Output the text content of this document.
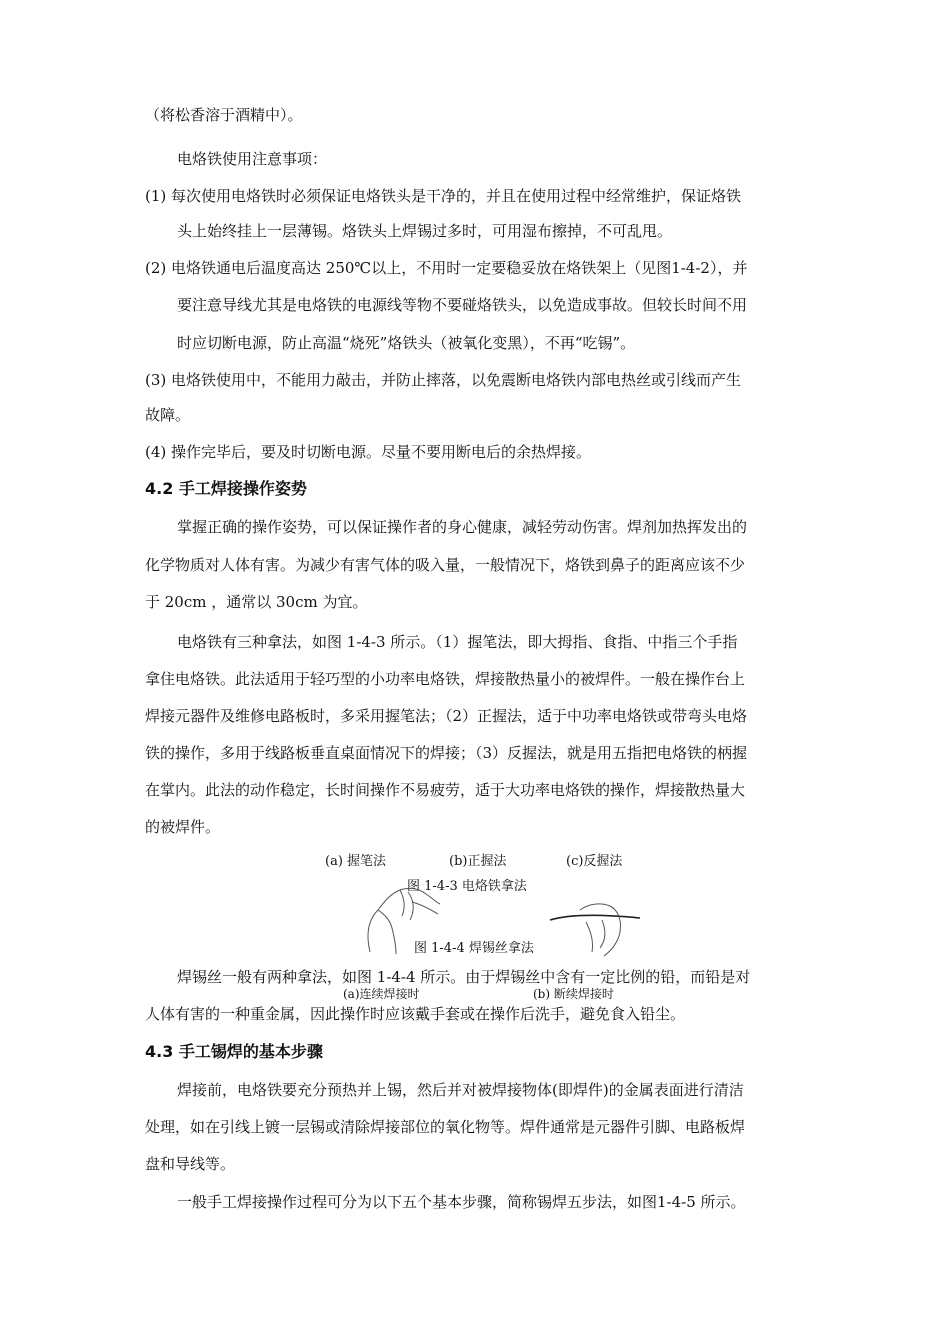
（将松香溶于酒精中）。
电烙铁使用注意事项：
(1) 每次使用电烙铁时必须保证电烙铁头是干净的，并且在使用过程中经常维护，保证烙铁
头上始终挂上一层薄锡。烙铁头上焊锡过多时，可用湿布擦掉，不可乱甩。
(2) 电烙铁通电后温度高达 250℃以上，不用时一定要稳妥放在烙铁架上（见图1-4-2），并
要注意导线尤其是电烙铁的电源线等物不要碰烙铁头，以免造成事故。但较长时间不用
时应切断电源，防止高温“烧死”烙铁头（被氧化变黑），不再“吃锡”。
(3) 电烙铁使用中，不能用力敲击，并防止摔落，以免震断电烙铁内部电热丝或引线而产生
故障。
(4) 操作完毕后，要及时切断电源。尽量不要用断电后的余热焊接。
4.2 手工焊接操作姿势
掌握正确的操作姿势，可以保证操作者的身心健康，减轻劳动伤害。焊剂加热挥发出的
化学物质对人体有害。为减少有害气体的吸入量，一般情况下，烙铁到鼻子的距离应该不少
于 20cm ，通常以 30cm 为宜。
电烙铁有三种拿法，如图 1-4-3 所示。（1）握笔法，即大拇指、食指、中指三个手指
拿住电烙铁。此法适用于轻巧型的小功率电烙铁，焊接散热量小的被焊件。一般在操作台上
焊接元器件及维修电路板时，多采用握笔法；（2）正握法，适于中功率电烙铁或带弯头电烙
铁的操作，多用于线路板垂直桌面情况下的焊接；（3）反握法，就是用五指把电烙铁的柄握
在掌内。此法的动作稳定，长时间操作不易疲劳，适于大功率电烙铁的操作，焊接散热量大
的被焊件。
(a) 握笔法	(b)正握法	(c)反握法
图 1-4-3 电烙铁拿法
图 1-4-4 焊锡丝拿法
焊锡丝一般有两种拿法，如图 1-4-4 所示。由于焊锡丝中含有一定比例的铅，而铅是对
(a)连续焊接时	(b) 断续焊接时
人体有害的一种重金属，因此操作时应该戴手套或在操作后洗手，避免食入铅尘。
4.3 手工锡焊的基本步骤
焊接前，电烙铁要充分预热并上锡，然后并对被焊接物体(即焊件)的金属表面进行清洁
处理，如在引线上镀一层锡或清除焊接部位的氧化物等。焊件通常是元器件引脚、电路板焊
盘和导线等。
一般手工焊接操作过程可分为以下五个基本步骤，简称锡焊五步法，如图1-4-5 所示。
